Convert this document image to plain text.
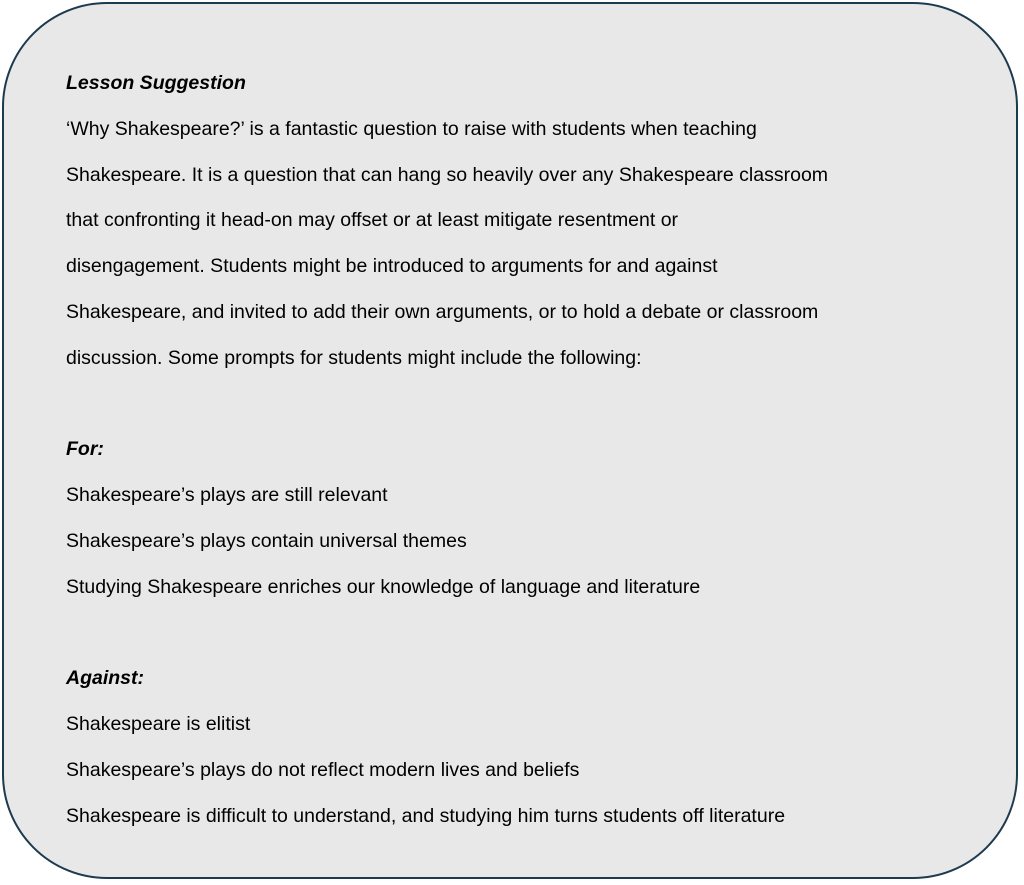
Lesson Suggestion
‘Why Shakespeare?’ is a fantastic question to raise with students when teaching
Shakespeare. It is a question that can hang so heavily over any Shakespeare classroom
that confronting it head-on may offset or at least mitigate resentment or
disengagement. Students might be introduced to arguments for and against
Shakespeare, and invited to add their own arguments, or to hold a debate or classroom
discussion. Some prompts for students might include the following:
For:
Shakespeare’s plays are still relevant
Shakespeare’s plays contain universal themes
Studying Shakespeare enriches our knowledge of language and literature
Against:
Shakespeare is elitist
Shakespeare’s plays do not reflect modern lives and beliefs
Shakespeare is difficult to understand, and studying him turns students off literature
